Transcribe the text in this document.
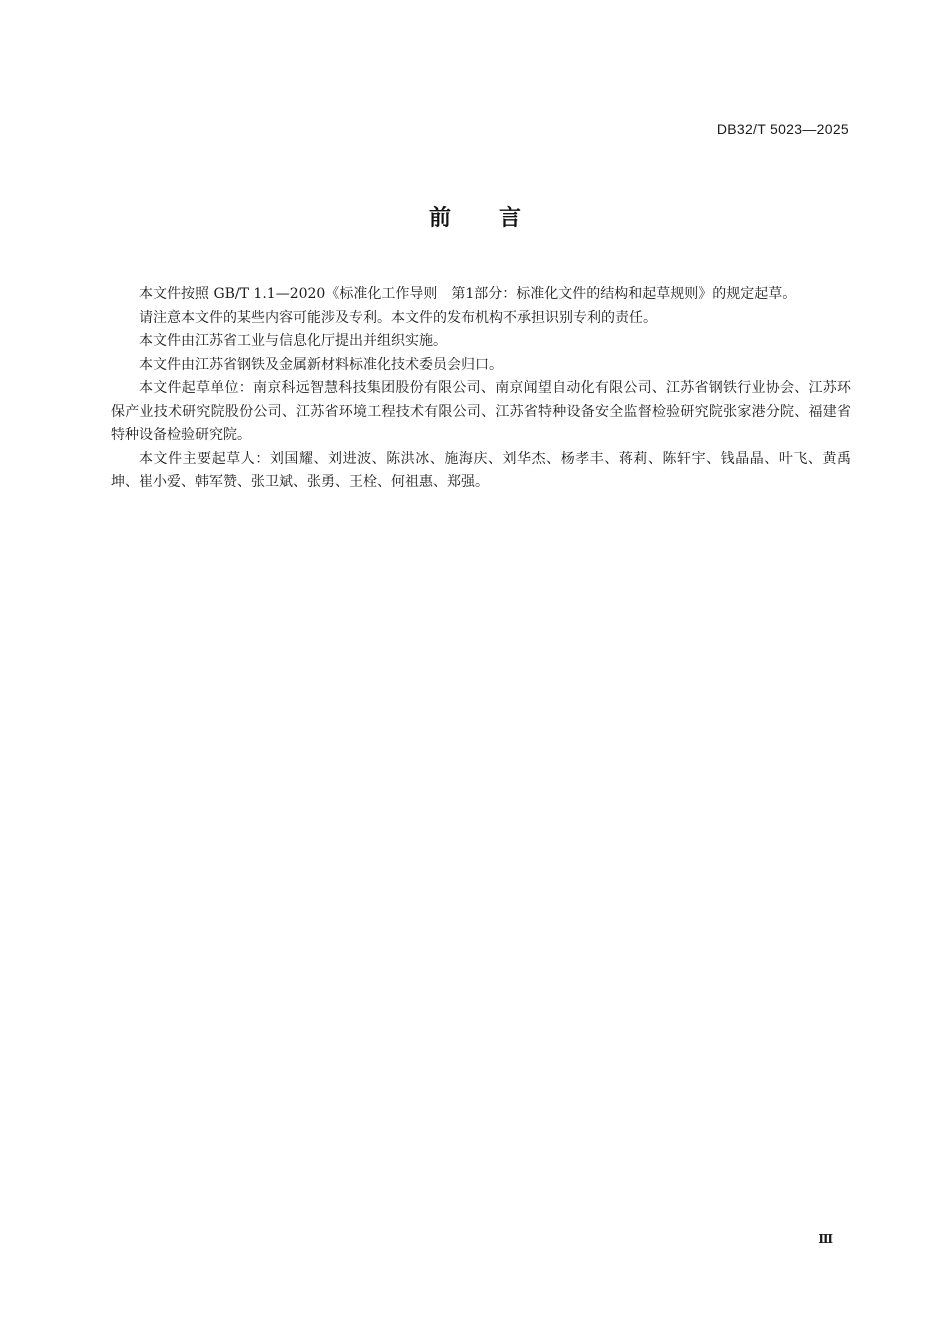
DB32/T 5023—2025
前言

本文件按照 GB/T 1.1—2020《标准化工作导则　第1部分：标准化文件的结构和起草规则》的规定起草。

请注意本文件的某些内容可能涉及专利。本文件的发布机构不承担识别专利的责任。

本文件由江苏省工业与信息化厅提出并组织实施。

本文件由江苏省钢铁及金属新材料标准化技术委员会归口。

本文件起草单位：南京科远智慧科技集团股份有限公司、南京闻望自动化有限公司、江苏省钢铁行业协会、江苏环保产业技术研究院股份公司、江苏省环境工程技术有限公司、江苏省特种设备安全监督检验研究院张家港分院、福建省特种设备检验研究院。

本文件主要起草人：刘国耀、刘进波、陈洪冰、施海庆、刘华杰、杨孝丰、蒋莉、陈轩宇、钱晶晶、叶飞、黄禹坤、崔小爱、韩军赞、张卫斌、张勇、王栓、何祖惠、郑强。

Ⅲ
